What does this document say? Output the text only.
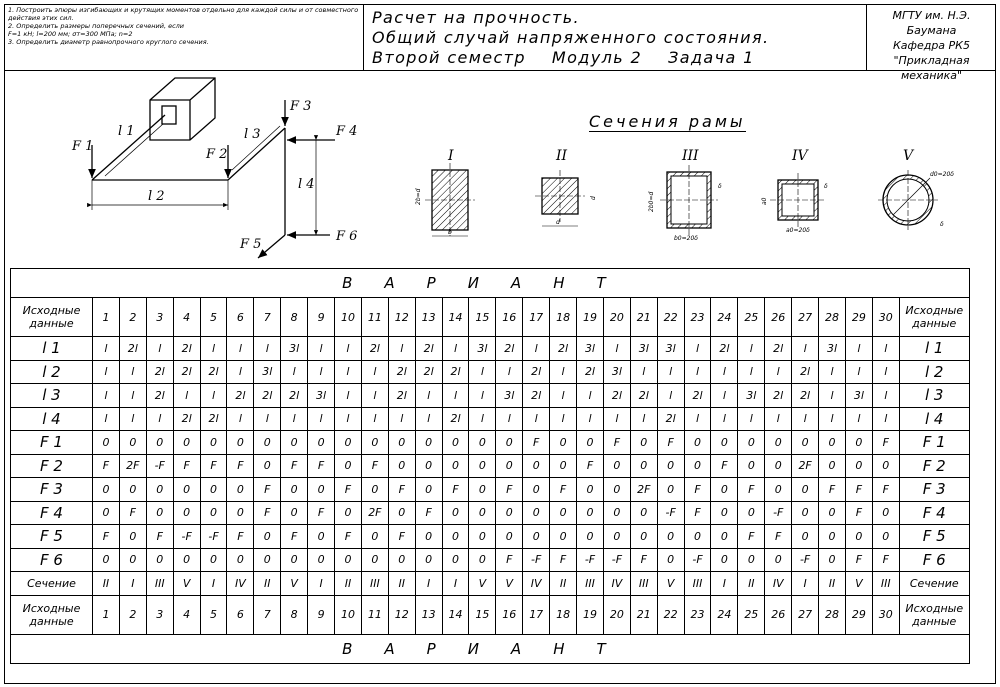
1. Построить эпюры изгибающих и крутящих моментов отдельно для каждой силы и от совместного действия этих сил.
2. Определить размеры поперечных сечений, если
F=1 кН; l=200 мм; σт=300 МПа; n=2
3. Определить диаметр равнопрочного круглого сечения.
Расчет на прочность.
Общий случай напряженного состояния.
Второй семестр    Модуль 2    Задача 1
МГТУ им. Н.Э. Баумана
Кафедра РК5
"Прикладная механика"
Сечения рамы
l 1
l 2
l 3
l 4
F 1
F 2
F 3
F 4
F 5
F 6
I
b
2b=d
II
d
d
III
b0=20δ
2b0=d
δ
IV
a0=20δ
a0
δ
V
d0=20δ
δ
ВАРИАНТ																															
Исходные данные	1	2	3	4	5	6	7	8	9	10	11	12	13	14	15	16	17	18	19	20	21	22	23	24	25	26	27	28	29	30	Исходные данные
l 1	l	2l	l	2l	l	l	l	3l	l	l	2l	l	2l	l	3l	2l	l	2l	3l	l	3l	3l	l	2l	l	2l	l	3l	l	l	l 1
l 2	l	l	2l	2l	2l	l	3l	l	l	l	l	2l	2l	2l	l	l	2l	l	2l	3l	l	l	l	l	l	l	2l	l	l	l	l 2
l 3	l	l	2l	l	l	2l	2l	2l	3l	l	l	2l	l	l	l	3l	2l	l	l	2l	2l	l	2l	l	3l	2l	2l	l	3l	l	l 3
l 4	l	l	l	2l	2l	l	l	l	l	l	l	l	l	2l	l	l	l	l	l	l	l	2l	l	l	l	l	l	l	l	l	l 4
F 1	0	0	0	0	0	0	0	0	0	0	0	0	0	0	0	0	F	0	0	F	0	F	0	0	0	0	0	0	0	F	F 1
F 2	F	2F	-F	F	F	F	0	F	F	0	F	0	0	0	0	0	0	0	F	0	0	0	0	F	0	0	2F	0	0	0	F 2
F 3	0	0	0	0	0	0	F	0	0	F	0	F	0	F	0	F	0	F	0	0	2F	0	F	0	F	0	0	F	F	F	F 3
F 4	0	F	0	0	0	0	F	0	F	0	2F	0	F	0	0	0	0	0	0	0	0	-F	F	0	0	-F	0	0	F	0	F 4
F 5	F	0	F	-F	-F	F	0	F	0	F	0	F	0	0	0	0	0	0	0	0	0	0	0	0	F	F	0	0	0	0	F 5
F 6	0	0	0	0	0	0	0	0	0	0	0	0	0	0	0	F	-F	F	-F	-F	F	0	-F	0	0	0	-F	0	F	F	F 6
Сечение	II	I	III	V	I	IV	II	V	I	II	III	II	I	I	V	V	IV	II	III	IV	III	V	III	I	II	IV	I	II	V	III	Сечение
Исходные данные	1	2	3	4	5	6	7	8	9	10	11	12	13	14	15	16	17	18	19	20	21	22	23	24	25	26	27	28	29	30	Исходные данные
ВАРИАНТ																															
